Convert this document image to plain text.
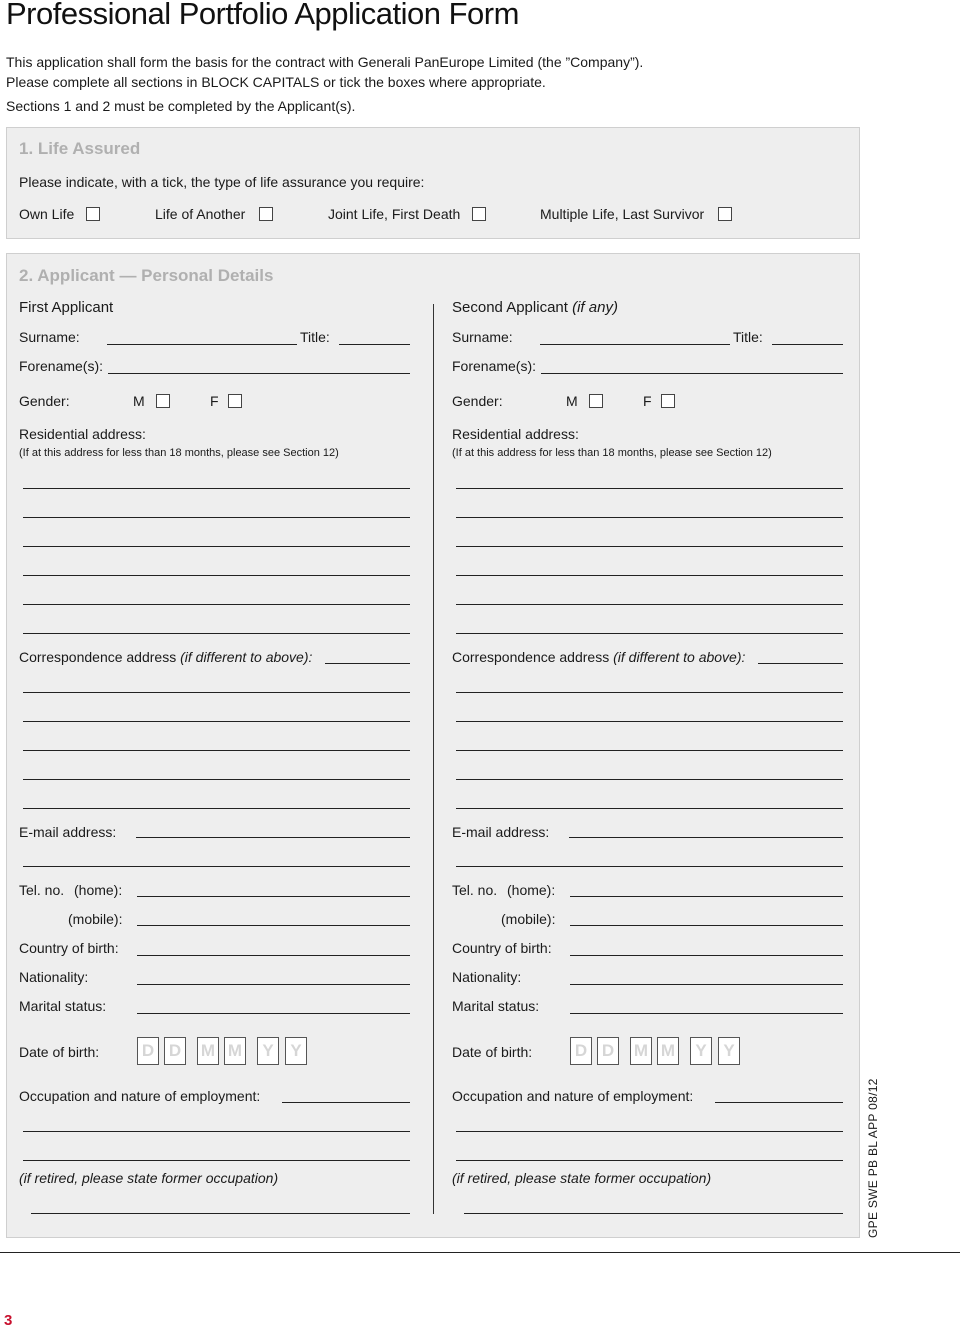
Professional Portfolio Application Form
This application shall form the basis for the contract with Generali PanEurope Limited (the ”Company”).
Please complete all sections in BLOCK CAPITALS or tick the boxes where appropriate.
Sections 1 and 2 must be completed by the Applicant(s).
1. Life Assured
Please indicate, with a tick, the type of life assurance you require:
Own Life	Life of Another	Joint Life, First Death	Multiple Life, Last Survivor
2. Applicant — Personal Details
First Applicant
Surname:	Title:
Forename(s):
Gender:	M	F
Residential address:
(If at this address for less than 18 months, please see Section 12)
Correspondence address (if different to above):
E-mail address:
Tel. no. (home):
(mobile):
Country of birth:
Nationality:
Marital status:
Date of birth:	D D M M	Y Y
Occupation and nature of employment:
(if retired, please state former occupation)
Second Applicant (if any)
Surname:	Title:
Forename(s):
Gender:	M	F
Residential address:
(If at this address for less than 18 months, please see Section 12)
Correspondence address (if different to above):
E-mail address:
Tel. no. (home):
(mobile):
Country of birth:
Nationality:
Marital status:
Date of birth:	D D M M	Y Y
Occupation and nature of employment:
(if retired, please state former occupation)
3
GPE SWE PB BL APP 08/12
